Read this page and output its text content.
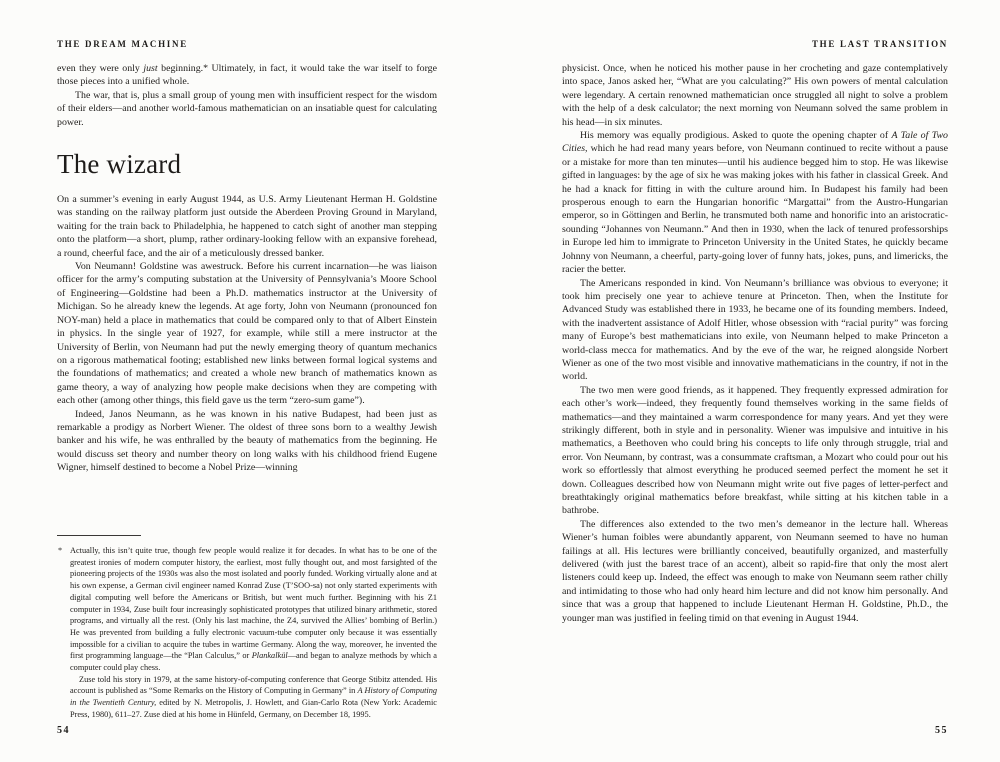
THE DREAM MACHINE

even they were only just beginning.* Ultimately, in fact, it would take the war itself to forge those pieces into a unified whole.

The war, that is, plus a small group of young men with insufficient respect for the wisdom of their elders—and another world-famous mathematician on an insatiable quest for calculating power.

The wizard

On a summer’s evening in early August 1944, as U.S. Army Lieutenant Herman H. Goldstine was standing on the railway platform just outside the Aberdeen Proving Ground in Maryland, waiting for the train back to Philadelphia, he happened to catch sight of another man stepping onto the platform—a short, plump, rather ordinary-looking fellow with an expansive forehead, a round, cheerful face, and the air of a meticulously dressed banker.

Von Neumann! Goldstine was awestruck. Before his current incarnation—he was liaison officer for the army’s computing substation at the University of Pennsylvania’s Moore School of Engineering—Goldstine had been a Ph.D. mathematics instructor at the University of Michigan. So he already knew the legends. At age forty, John von Neumann (pronounced fon NOY-man) held a place in mathematics that could be compared only to that of Albert Einstein in physics. In the single year of 1927, for example, while still a mere instructor at the University of Berlin, von Neumann had put the newly emerging theory of quantum mechanics on a rigorous mathematical footing; established new links between formal logical systems and the foundations of mathematics; and created a whole new branch of mathematics known as game theory, a way of analyzing how people make decisions when they are competing with each other (among other things, this field gave us the term “zero-sum game”).

Indeed, Janos Neumann, as he was known in his native Budapest, had been just as remarkable a prodigy as Norbert Wiener. The oldest of three sons born to a wealthy Jewish banker and his wife, he was enthralled by the beauty of mathematics from the beginning. He would discuss set theory and number theory on long walks with his childhood friend Eugene Wigner, himself destined to become a Nobel Prize—winning

* Actually, this isn’t quite true, though few people would realize it for decades. In what has to be one of the greatest ironies of modern computer history, the earliest, most fully thought out, and most farsighted of the pioneering projects of the 1930s was also the most isolated and poorly funded. Working virtually alone and at his own expense, a German civil engineer named Konrad Zuse (T’SOO-sa) not only started experiments with digital computing well before the Americans or British, but went much further. Beginning with his Z1 computer in 1934, Zuse built four increasingly sophisticated prototypes that utilized binary arithmetic, stored programs, and virtually all the rest. (Only his last machine, the Z4, survived the Allies’ bombing of Berlin.) He was prevented from building a fully electronic vacuum-tube computer only because it was essentially impossible for a civilian to acquire the tubes in wartime Germany. Along the way, moreover, he invented the first programming language—the “Plan Calculus,” or Plankalkül—and began to analyze methods by which a computer could play chess.

Zuse told his story in 1979, at the same history-of-computing conference that George Stibitz attended. His account is published as “Some Remarks on the History of Computing in Germany” in A History of Computing in the Twentieth Century, edited by N. Metropolis, J. Howlett, and Gian-Carlo Rota (New York: Academic Press, 1980), 611–27. Zuse died at his home in Hünfeld, Germany, on December 18, 1995.

54
THE LAST TRANSITION

physicist. Once, when he noticed his mother pause in her crocheting and gaze contemplatively into space, Janos asked her, “What are you calculating?” His own powers of mental calculation were legendary. A certain renowned mathematician once struggled all night to solve a problem with the help of a desk calculator; the next morning von Neumann solved the same problem in his head—in six minutes.

His memory was equally prodigious. Asked to quote the opening chapter of A Tale of Two Cities, which he had read many years before, von Neumann continued to recite without a pause or a mistake for more than ten minutes—until his audience begged him to stop. He was likewise gifted in languages: by the age of six he was making jokes with his father in classical Greek. And he had a knack for fitting in with the culture around him. In Budapest his family had been prosperous enough to earn the Hungarian honorific “Margattai” from the Austro-Hungarian emperor, so in Göttingen and Berlin, he transmuted both name and honorific into an aristocratic-sounding “Johannes von Neumann.” And then in 1930, when the lack of tenured professorships in Europe led him to immigrate to Princeton University in the United States, he quickly became Johnny von Neumann, a cheerful, party-going lover of funny hats, jokes, puns, and limericks, the racier the better.

The Americans responded in kind. Von Neumann’s brilliance was obvious to everyone; it took him precisely one year to achieve tenure at Princeton. Then, when the Institute for Advanced Study was established there in 1933, he became one of its founding members. Indeed, with the inadvertent assistance of Adolf Hitler, whose obsession with “racial purity” was forcing many of Europe’s best mathematicians into exile, von Neumann helped to make Princeton a world-class mecca for mathematics. And by the eve of the war, he reigned alongside Norbert Wiener as one of the two most visible and innovative mathematicians in the country, if not in the world.

The two men were good friends, as it happened. They frequently expressed admiration for each other’s work—indeed, they frequently found themselves working in the same fields of mathematics—and they maintained a warm correspondence for many years. And yet they were strikingly different, both in style and in personality. Wiener was impulsive and intuitive in his mathematics, a Beethoven who could bring his concepts to life only through struggle, trial and error. Von Neumann, by contrast, was a consummate craftsman, a Mozart who could pour out his work so effortlessly that almost everything he produced seemed perfect the moment he set it down. Colleagues described how von Neumann might write out five pages of letter-perfect and breathtakingly original mathematics before breakfast, while sitting at his kitchen table in a bathrobe.

The differences also extended to the two men’s demeanor in the lecture hall. Whereas Wiener’s human foibles were abundantly apparent, von Neumann seemed to have no human failings at all. His lectures were brilliantly conceived, beautifully organized, and masterfully delivered (with just the barest trace of an accent), albeit so rapid-fire that only the most alert listeners could keep up. Indeed, the effect was enough to make von Neumann seem rather chilly and intimidating to those who had only heard him lecture and did not know him personally. And since that was a group that happened to include Lieutenant Herman H. Goldstine, Ph.D., the younger man was justified in feeling timid on that evening in August 1944.

55
